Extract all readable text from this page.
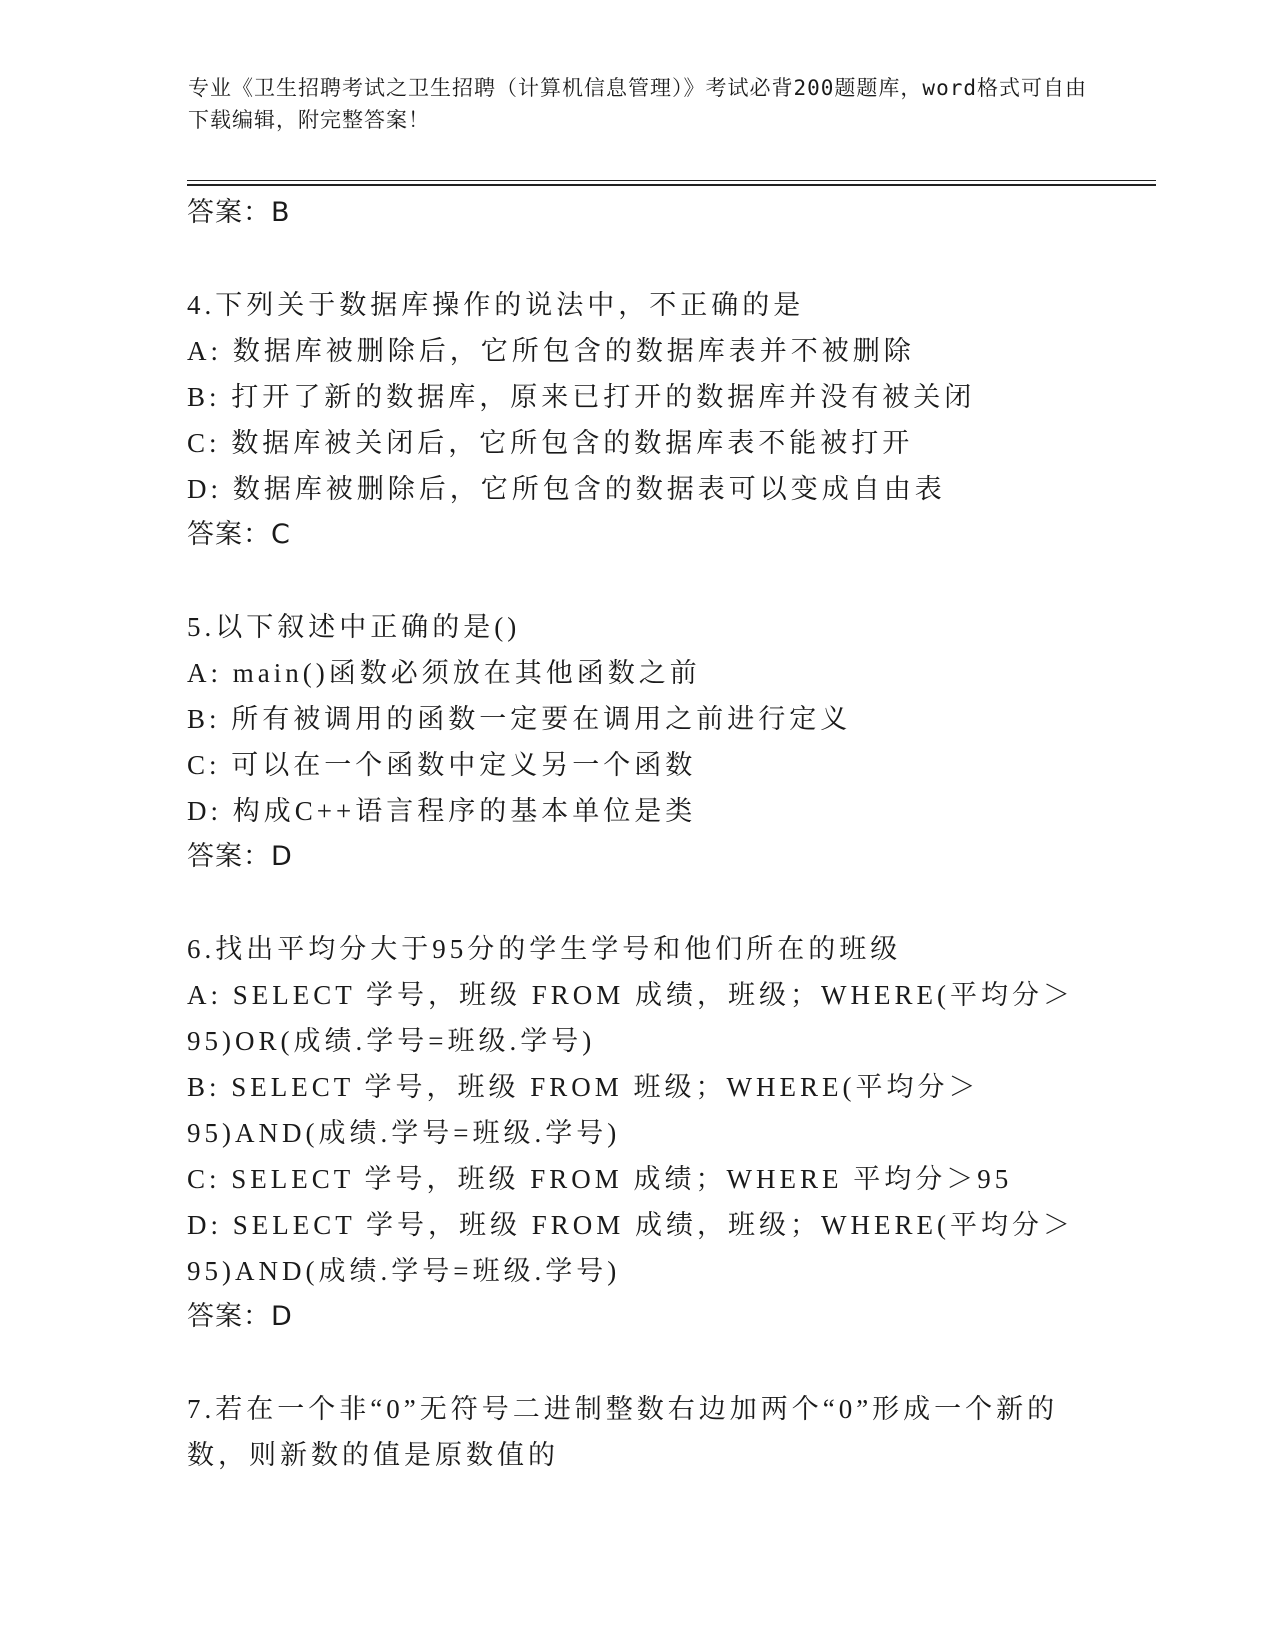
专业《卫生招聘考试之卫生招聘（计算机信息管理）》考试必背200题题库，word格式可自由下载编辑，附完整答案！
答案：B
4.下列关于数据库操作的说法中，不正确的是
A: 数据库被删除后，它所包含的数据库表并不被删除
B: 打开了新的数据库，原来已打开的数据库并没有被关闭
C: 数据库被关闭后，它所包含的数据库表不能被打开
D: 数据库被删除后，它所包含的数据表可以变成自由表
答案：C
5.以下叙述中正确的是()
A: main()函数必须放在其他函数之前
B: 所有被调用的函数一定要在调用之前进行定义
C: 可以在一个函数中定义另一个函数
D: 构成C++语言程序的基本单位是类
答案：D
6.找出平均分大于95分的学生学号和他们所在的班级
A: SELECT 学号，班级 FROM 成绩，班级；WHERE(平均分＞95)OR(成绩.学号=班级.学号)
B: SELECT 学号，班级 FROM 班级；WHERE(平均分＞95)AND(成绩.学号=班级.学号)
C: SELECT 学号，班级 FROM 成绩；WHERE 平均分＞95
D: SELECT 学号，班级 FROM 成绩，班级；WHERE(平均分＞95)AND(成绩.学号=班级.学号)
答案：D
7.若在一个非“0”无符号二进制整数右边加两个“0”形成一个新的数，则新数的值是原数值的
